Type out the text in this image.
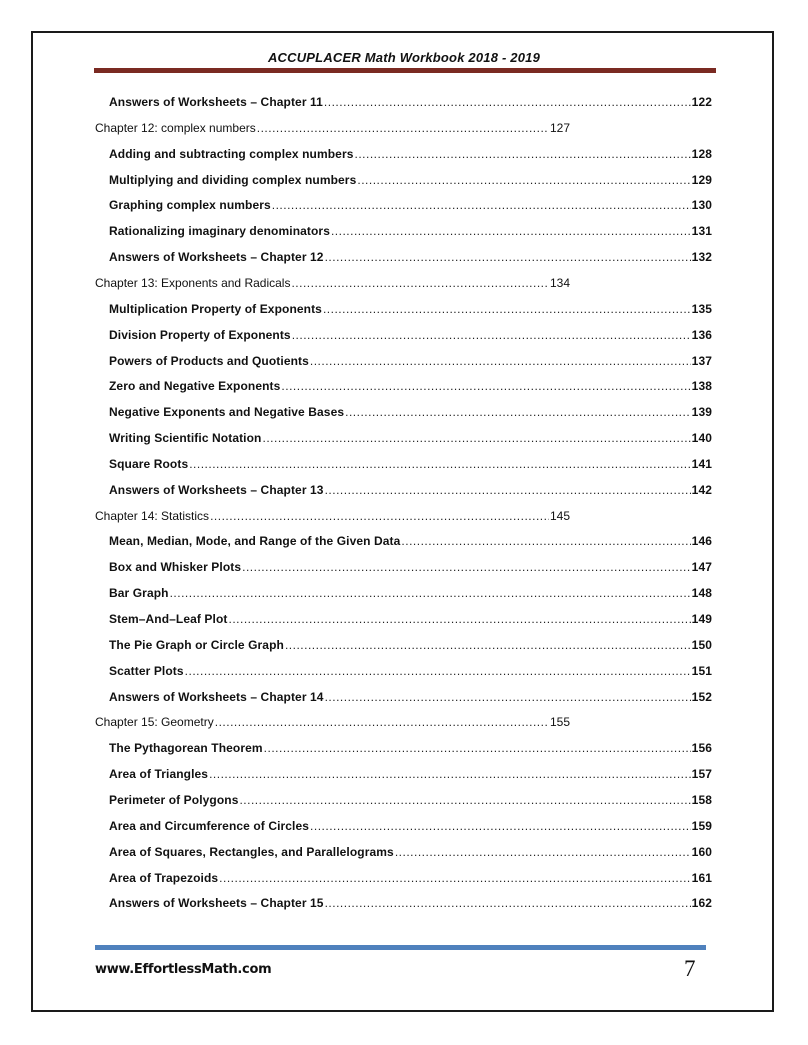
ACCUPLACER Math Workbook 2018 - 2019
Answers of Worksheets – Chapter 11 .....	122
Chapter 12: complex numbers .....	127
Adding and subtracting complex numbers .....	128
Multiplying and dividing complex numbers .....	129
Graphing complex numbers .....	130
Rationalizing imaginary denominators .....	131
Answers of Worksheets – Chapter 12 .....	132
Chapter 13: Exponents and Radicals .....	134
Multiplication Property of Exponents .....	135
Division Property of Exponents .....	136
Powers of Products and Quotients .....	137
Zero and Negative Exponents .....	138
Negative Exponents and Negative Bases .....	139
Writing Scientific Notation .....	140
Square Roots .....	141
Answers of Worksheets – Chapter 13 .....	142
Chapter 14: Statistics .....	145
Mean, Median, Mode, and Range of the Given Data .....	146
Box and Whisker Plots .....	147
Bar Graph .....	148
Stem–And–Leaf Plot .....	149
The Pie Graph or Circle Graph .....	150
Scatter Plots .....	151
Answers of Worksheets – Chapter 14 .....	152
Chapter 15: Geometry .....	155
The Pythagorean Theorem .....	156
Area of Triangles .....	157
Perimeter of Polygons .....	158
Area and Circumference of Circles .....	159
Area of Squares, Rectangles, and Parallelograms .....	160
Area of Trapezoids .....	161
Answers of Worksheets – Chapter 15 .....	162
www.EffortlessMath.com	7
